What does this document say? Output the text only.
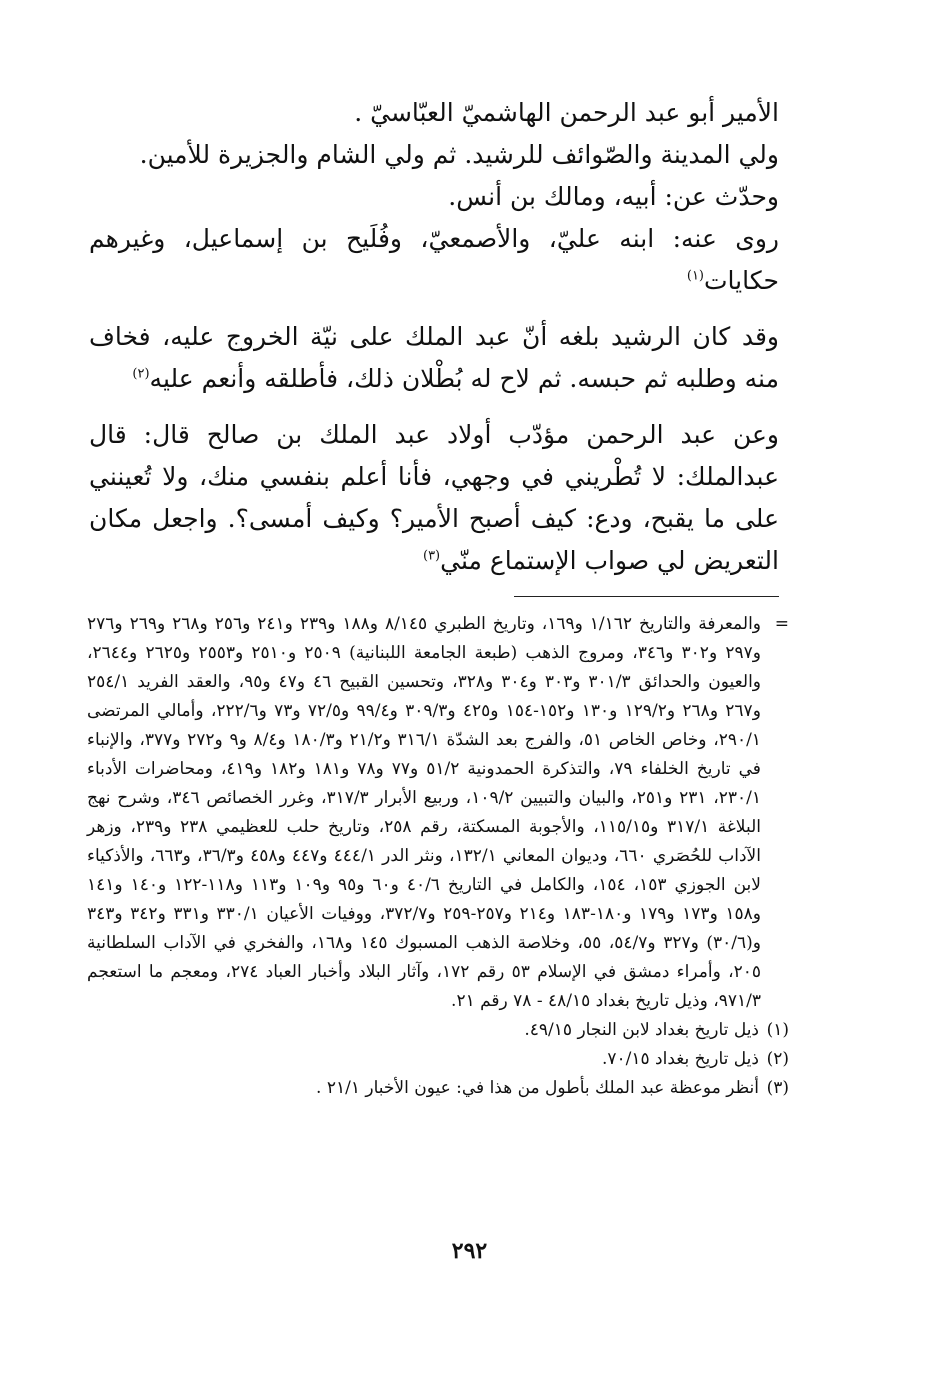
الأمير أبو عبد الرحمن الهاشميّ العبّاسيّ .

ولي المدينة والصّوائف للرشيد. ثم ولي الشام والجزيرة للأمين.

وحدّث عن: أبيه، ومالك بن أنس.

روى عنه: ابنه عليّ، والأصمعيّ، وفُلَيح بن إسماعيل، وغيرهم حكايات$^{(١)}$

وقد كان الرشيد بلغه أنّ عبد الملك على نيّة الخروج عليه، فخاف منه وطلبه ثم حبسه. ثم لاح له بُطْلان ذلك، فأطلقه وأنعم عليه$^{(٢)}$

وعن عبد الرحمن مؤدّب أولاد عبد الملك بن صالح قال: قال عبدالملك: لا تُطْريني في وجهي، فأنا أعلم بنفسي منك، ولا تُعينني على ما يقبح، ودع: كيف أصبح الأمير؟ وكيف أمسى؟. واجعل مكان التعريض لي صواب الإستماع منّي$^{(٣)}$

=
والمعرفة والتاريخ ١/١٦٢ و١٦٩، وتاريخ الطبري ٨/١٤٥ و١٨٨ و٢٣٩ و٢٤١ و٢٥٦ و٢٦٨ و٢٦٩ و٢٧٦ و٢٩٧ و٣٠٢ و٣٤٦، ومروج الذهب (طبعة الجامعة اللبنانية) ٢٥٠٩ و٢٥١٠ و٢٥٥٣ و٢٦٢٥ و٢٦٤٤، والعيون والحدائق ٣٠١/٣ و٣٠٣ و٣٠٤ و٣٢٨، وتحسين القبيح ٤٦ و٤٧ و٩٥، والعقد الفريد ٢٥٤/١ و٢٦٧ و٢٦٨ و١٢٩/٢ و١٣٠ و١٥٢-١٥٤ و٤٢٥ و٣٠٩/٣ و٩٩/٤ و٧٢/٥ و٧٣ و٢٢٢/٦، وأمالي المرتضى ٢٩٠/١، وخاص الخاص ٥١، والفرج بعد الشدّة ٣١٦/١ و٢١/٢ و١٨٠/٣ و٨/٤ و٩ و٢٧٢ و٣٧٧، والإنباء في تاريخ الخلفاء ٧٩، والتذكرة الحمدونية ٥١/٢ و٧٧ و٧٨ و١٨١ و١٨٢ و٤١٩، ومحاضرات الأدباء ٢٣٠/١، ٢٣١ و٢٥١، والبيان والتبيين ١٠٩/٢، وربيع الأبرار ٣١٧/٣، وغرر الخصائص ٣٤٦، وشرح نهج البلاغة ٣١٧/١ و١١٥/١٥، والأجوبة المسكتة، رقم ٢٥٨، وتاريخ حلب للعظيمي ٢٣٨ و٢٣٩، وزهر الآداب للحُصَري ٦٦٠، وديوان المعاني ١٣٢/١، ونثر الدر ٤٤٤/١ و٤٤٧ و٤٥٨ و٣٦/٣، و٦٦٣، والأذكياء لابن الجوزي ١٥٣، ١٥٤، والكامل في التاريخ ٤٠/٦ و٦٠ و٩٥ و١٠٩ و١١٣ و١١٨-١٢٢ و١٤٠ و١٤١ و١٥٨ و١٧٣ و١٧٩ و١٨٠-١٨٣ و٢١٤ و٢٥٧-٢٥٩ و٣٧٢/٧، ووفيات الأعيان ٣٣٠/١ و٣٣١ و٣٤٢ و٣٤٣ و(٣٠/٦) و٣٢٧ و٥٤/٧، ٥٥، وخلاصة الذهب المسبوك ١٤٥ و١٦٨، والفخري في الآداب السلطانية ٢٠٥، وأمراء دمشق في الإسلام ٥٣ رقم ١٧٢، وآثار البلاد وأخبار العباد ٢٧٤، ومعجم ما استعجم ٩٧١/٣، وذيل تاريخ بغداد ٤٨/١٥ - ٧٨ رقم ٢١.

(١)ذيل تاريخ بغداد لابن النجار ٤٩/١٥.

(٢)ذيل تاريخ بغداد ٧٠/١٥.

(٣)أنظر موعظة عبد الملك بأطول من هذا في: عيون الأخبار ٢١/١ .

٢٩٢
